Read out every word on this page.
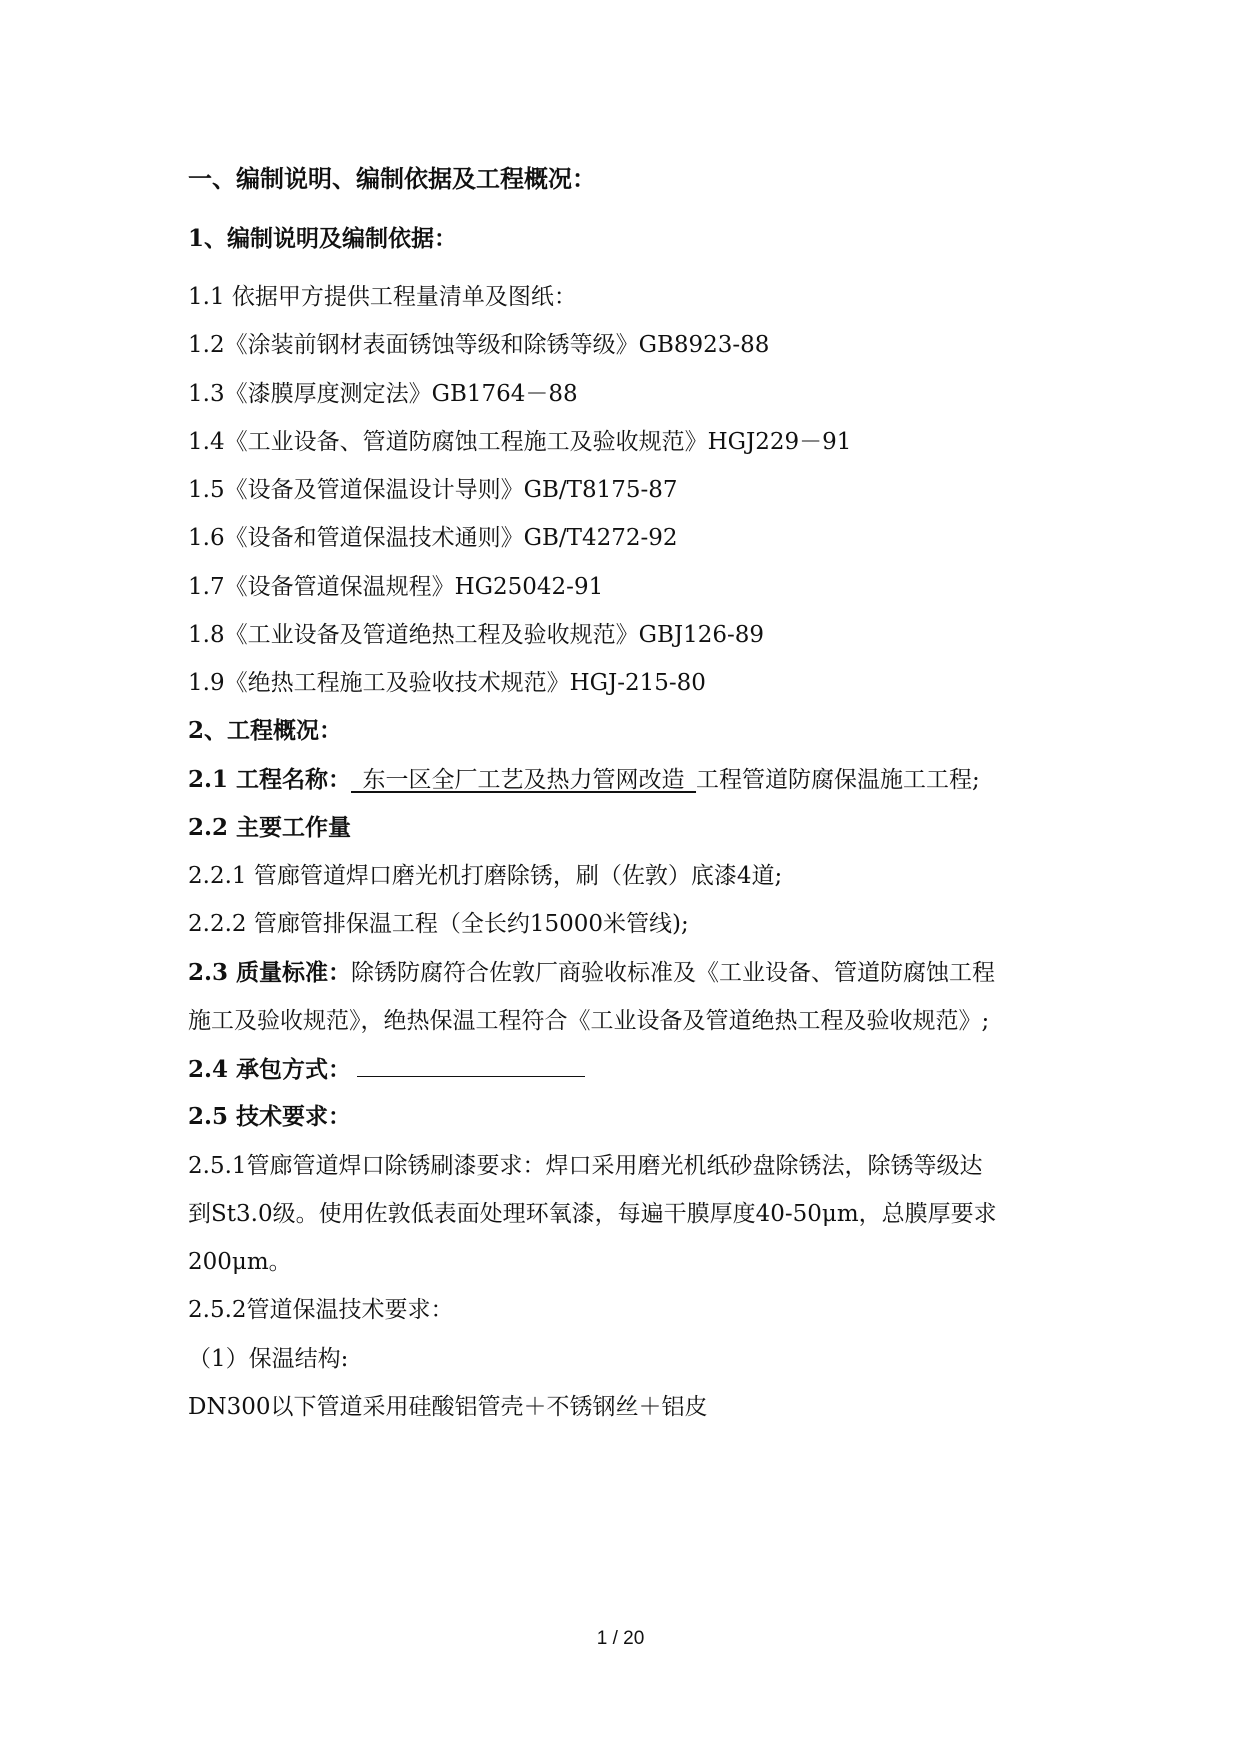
一、编制说明、编制依据及工程概况：
1、编制说明及编制依据：
1.1 依据甲方提供工程量清单及图纸：
1.2《涂装前钢材表面锈蚀等级和除锈等级》GB8923-88
1.3《漆膜厚度测定法》GB1764－88
1.4《工业设备、管道防腐蚀工程施工及验收规范》HGJ229－91
1.5《设备及管道保温设计导则》GB/T8175-87
1.6《设备和管道保温技术通则》GB/T4272-92
1.7《设备管道保温规程》HG25042-91
1.8《工业设备及管道绝热工程及验收规范》GBJ126-89
1.9《绝热工程施工及验收技术规范》HGJ-215-80
2、工程概况：
2.1 工程名称：_东一区全厂工艺及热力管网改造_工程管道防腐保温施工工程;
2.2 主要工作量
2.2.1 管廊管道焊口磨光机打磨除锈，刷（佐敦）底漆4道;
2.2.2 管廊管排保温工程（全长约15000米管线);
2.3 质量标准：除锈防腐符合佐敦厂商验收标准及《工业设备、管道防腐蚀工程
施工及验收规范》，绝热保温工程符合《工业设备及管道绝热工程及验收规范》;
2.4 承包方式：
2.5 技术要求：
2.5.1管廊管道焊口除锈刷漆要求：焊口采用磨光机纸砂盘除锈法，除锈等级达
到St3.0级。使用佐敦低表面处理环氧漆，每遍干膜厚度40-50μm，总膜厚要求
200μm。
2.5.2管道保温技术要求：
（1）保温结构:
DN300以下管道采用硅酸铝管壳＋不锈钢丝＋铝皮
1 / 20
